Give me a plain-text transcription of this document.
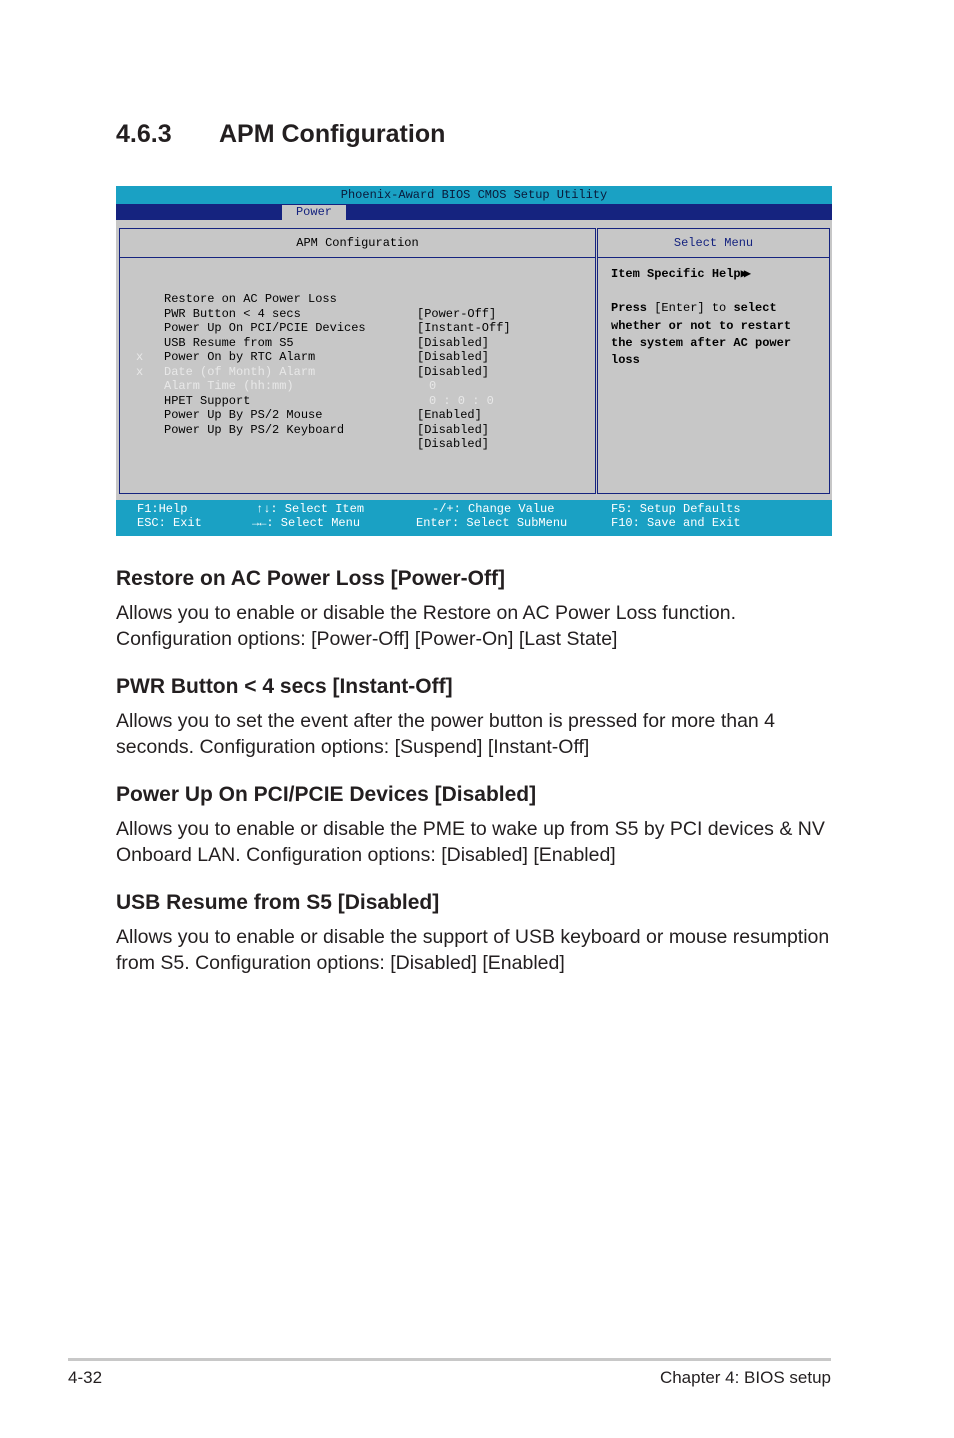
4.6.3 APM Configuration
Phoenix-Award BIOS CMOS Setup Utility
Power
APM Configuration

Restore on AC Power Loss

[Power-Off]

PWR Button < 4 secs

[Instant-Off]

Power Up On PCI/PCIE Devices

[Disabled]

USB Resume from S5

[Disabled]

Power On by RTC Alarm

[Disabled]

x

Date (of Month) Alarm

0

x

Alarm Time (hh:mm)

0 : 0 : 0

HPET Support

[Enabled]

Power Up By PS/2 Mouse

[Disabled]

Power Up By PS/2 Keyboard

[Disabled]

Select Menu

Item Specific Help▶▶

Press [Enter] to select

whether or not to restart

the system after AC power

loss

F1:Help
ESC: Exit
↑↓: Select Item
→←: Select Menu
-/+: Change Value
Enter: Select SubMenu
F5: Setup Defaults
F10: Save and Exit
Restore on AC Power Loss [Power-Off]

Allows you to enable or disable the Restore on AC Power Loss function.
Configuration options: [Power-Off] [Power-On] [Last State]

PWR Button < 4 secs [Instant-Off]

Allows you to set the event after the power button is pressed for more than 4
seconds. Configuration options: [Suspend] [Instant-Off]

Power Up On PCI/PCIE Devices [Disabled]

Allows you to enable or disable the PME to wake up from S5 by PCI devices & NV
Onboard LAN. Configuration options: [Disabled] [Enabled]

USB Resume from S5 [Disabled]

Allows you to enable or disable the support of USB keyboard or mouse resumption
from S5. Configuration options: [Disabled] [Enabled]

4-32	Chapter 4: BIOS setup
